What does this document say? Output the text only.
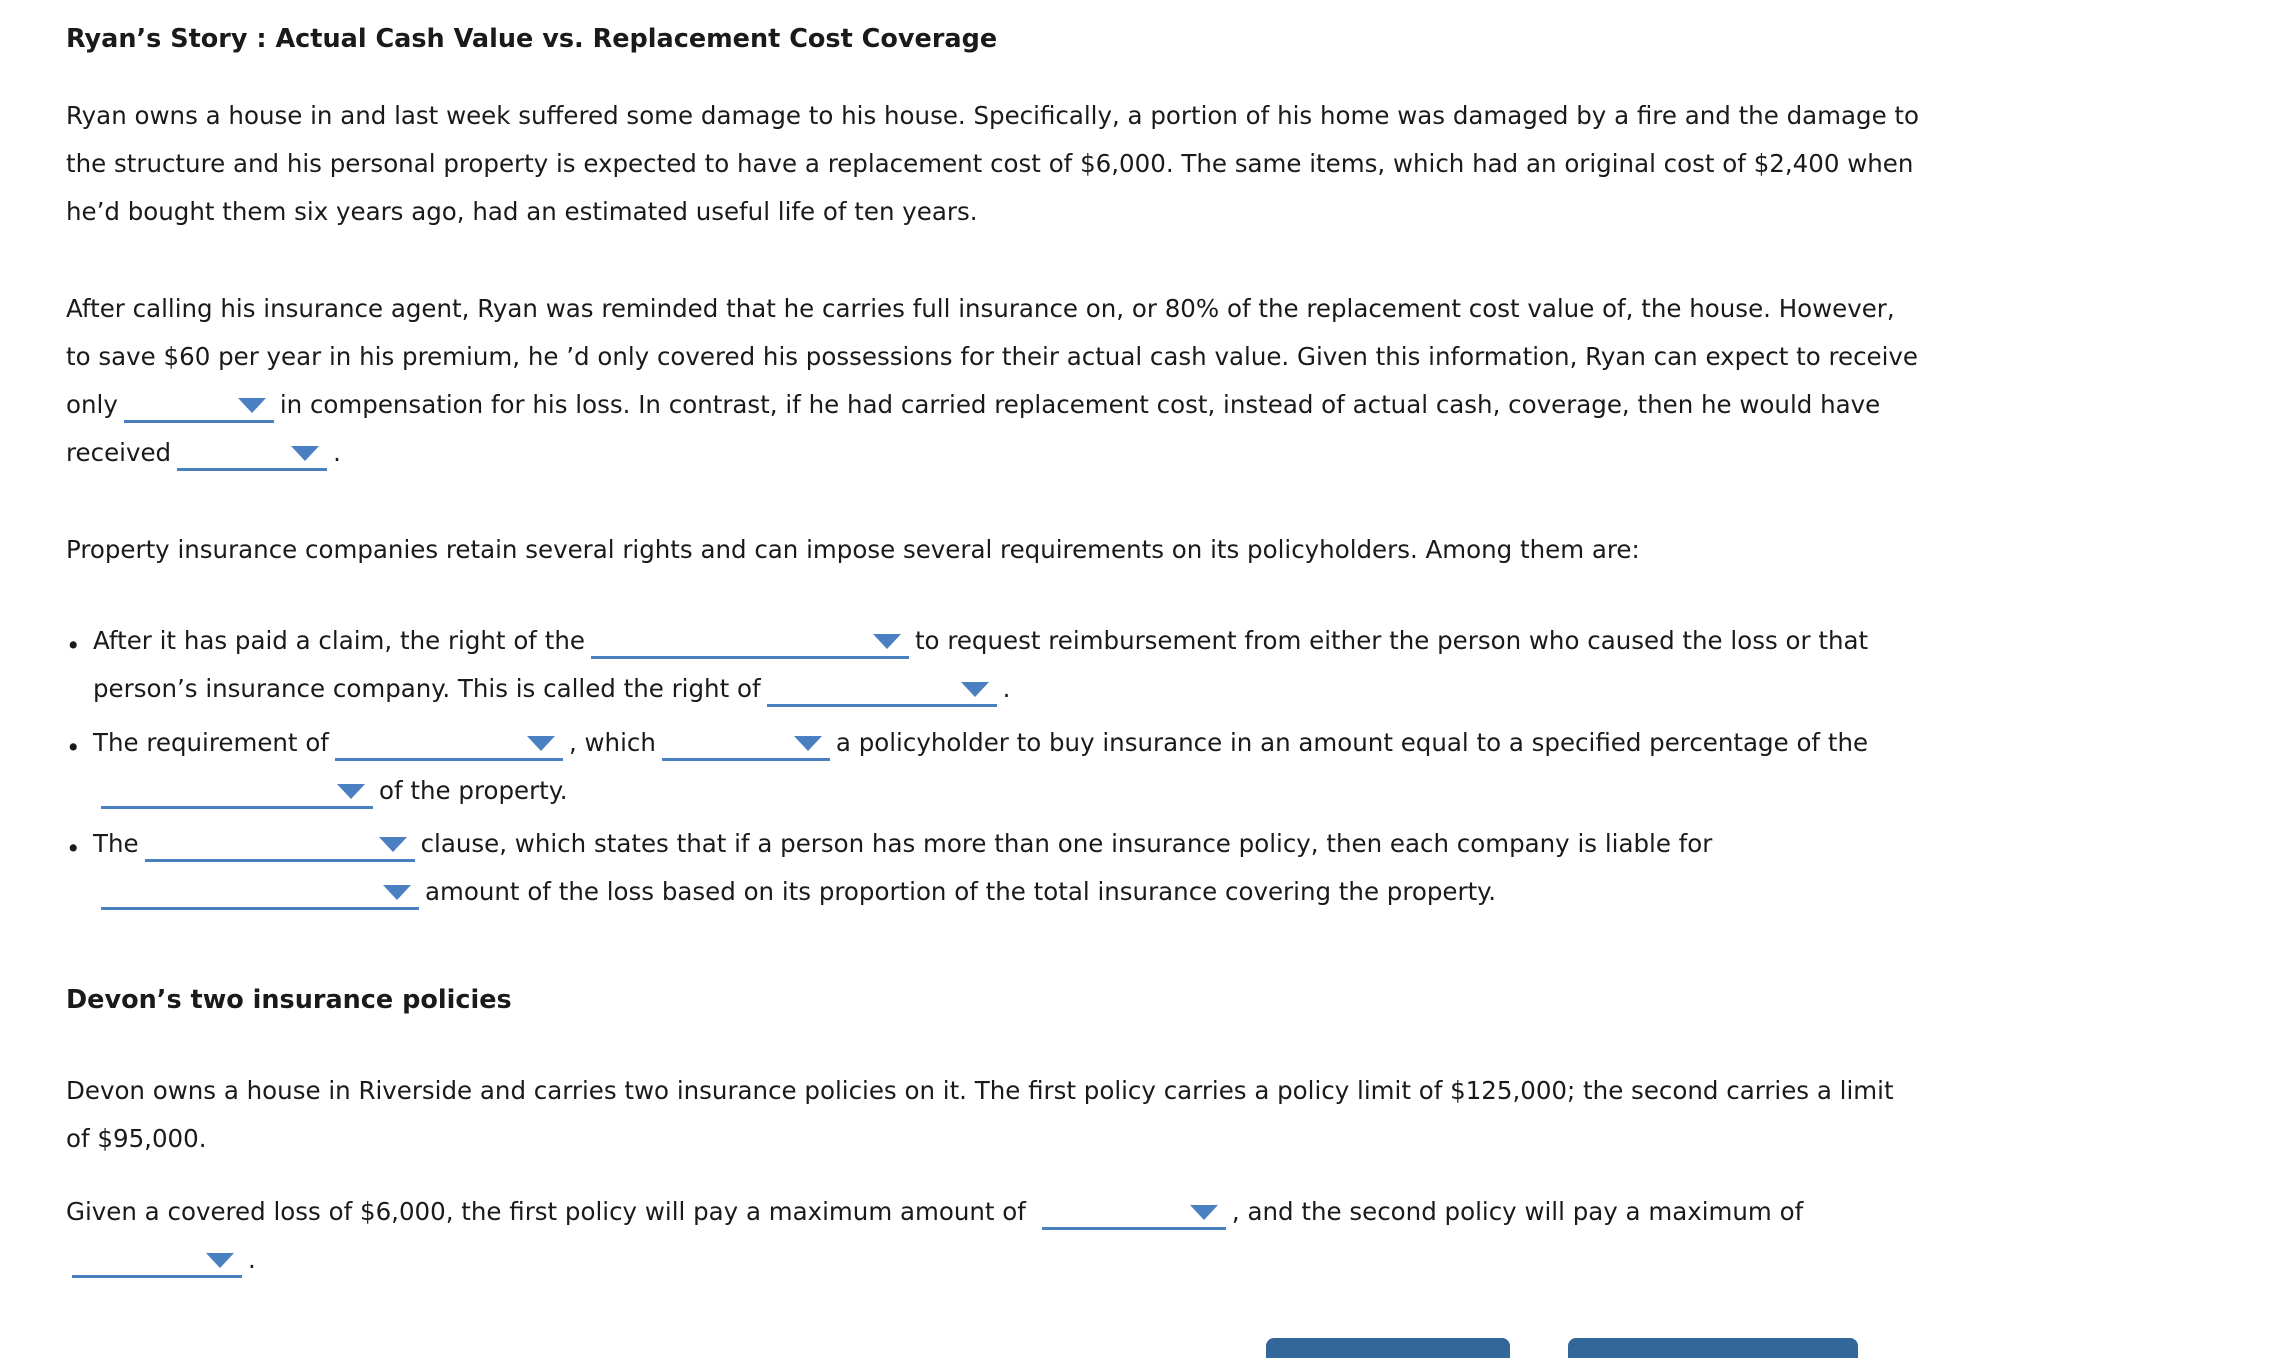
Ryan’s Story : Actual Cash Value vs. Replacement Cost Coverage
Ryan owns a house in and last week suffered some damage to his house. Specifically, a portion of his home was damaged by a fire and the damage to
the structure and his personal property is expected to have a replacement cost of $6,000. The same items, which had an original cost of $2,400 when
he’d bought them six years ago, had an estimated useful life of ten years.
After calling his insurance agent, Ryan was reminded that he carries full insurance on, or 80% of the replacement cost value of, the house. However,
to save $60 per year in his premium, he ’d only covered his possessions for their actual cash value. Given this information, Ryan can expect to receive
only	in compensation for his loss. In contrast, if he had carried replacement cost, instead of actual cash, coverage, then he would have
received	.
Property insurance companies retain several rights and can impose several requirements on its policyholders. Among them are:
• After it has paid a claim, the right of the	to request reimbursement from either the person who caused the loss or that
person’s insurance company. This is called the right of	.
• The requirement of	, which	a policyholder to buy insurance in an amount equal to a specified percentage of the
of the property.
• The	clause, which states that if a person has more than one insurance policy, then each company is liable for
amount of the loss based on its proportion of the total insurance covering the property.
Devon’s two insurance policies
Devon owns a house in Riverside and carries two insurance policies on it. The first policy carries a policy limit of $125,000; the second carries a limit
of $95,000.
Given a covered loss of $6,000, the first policy will pay a maximum amount of	, and the second policy will pay a maximum of
.
